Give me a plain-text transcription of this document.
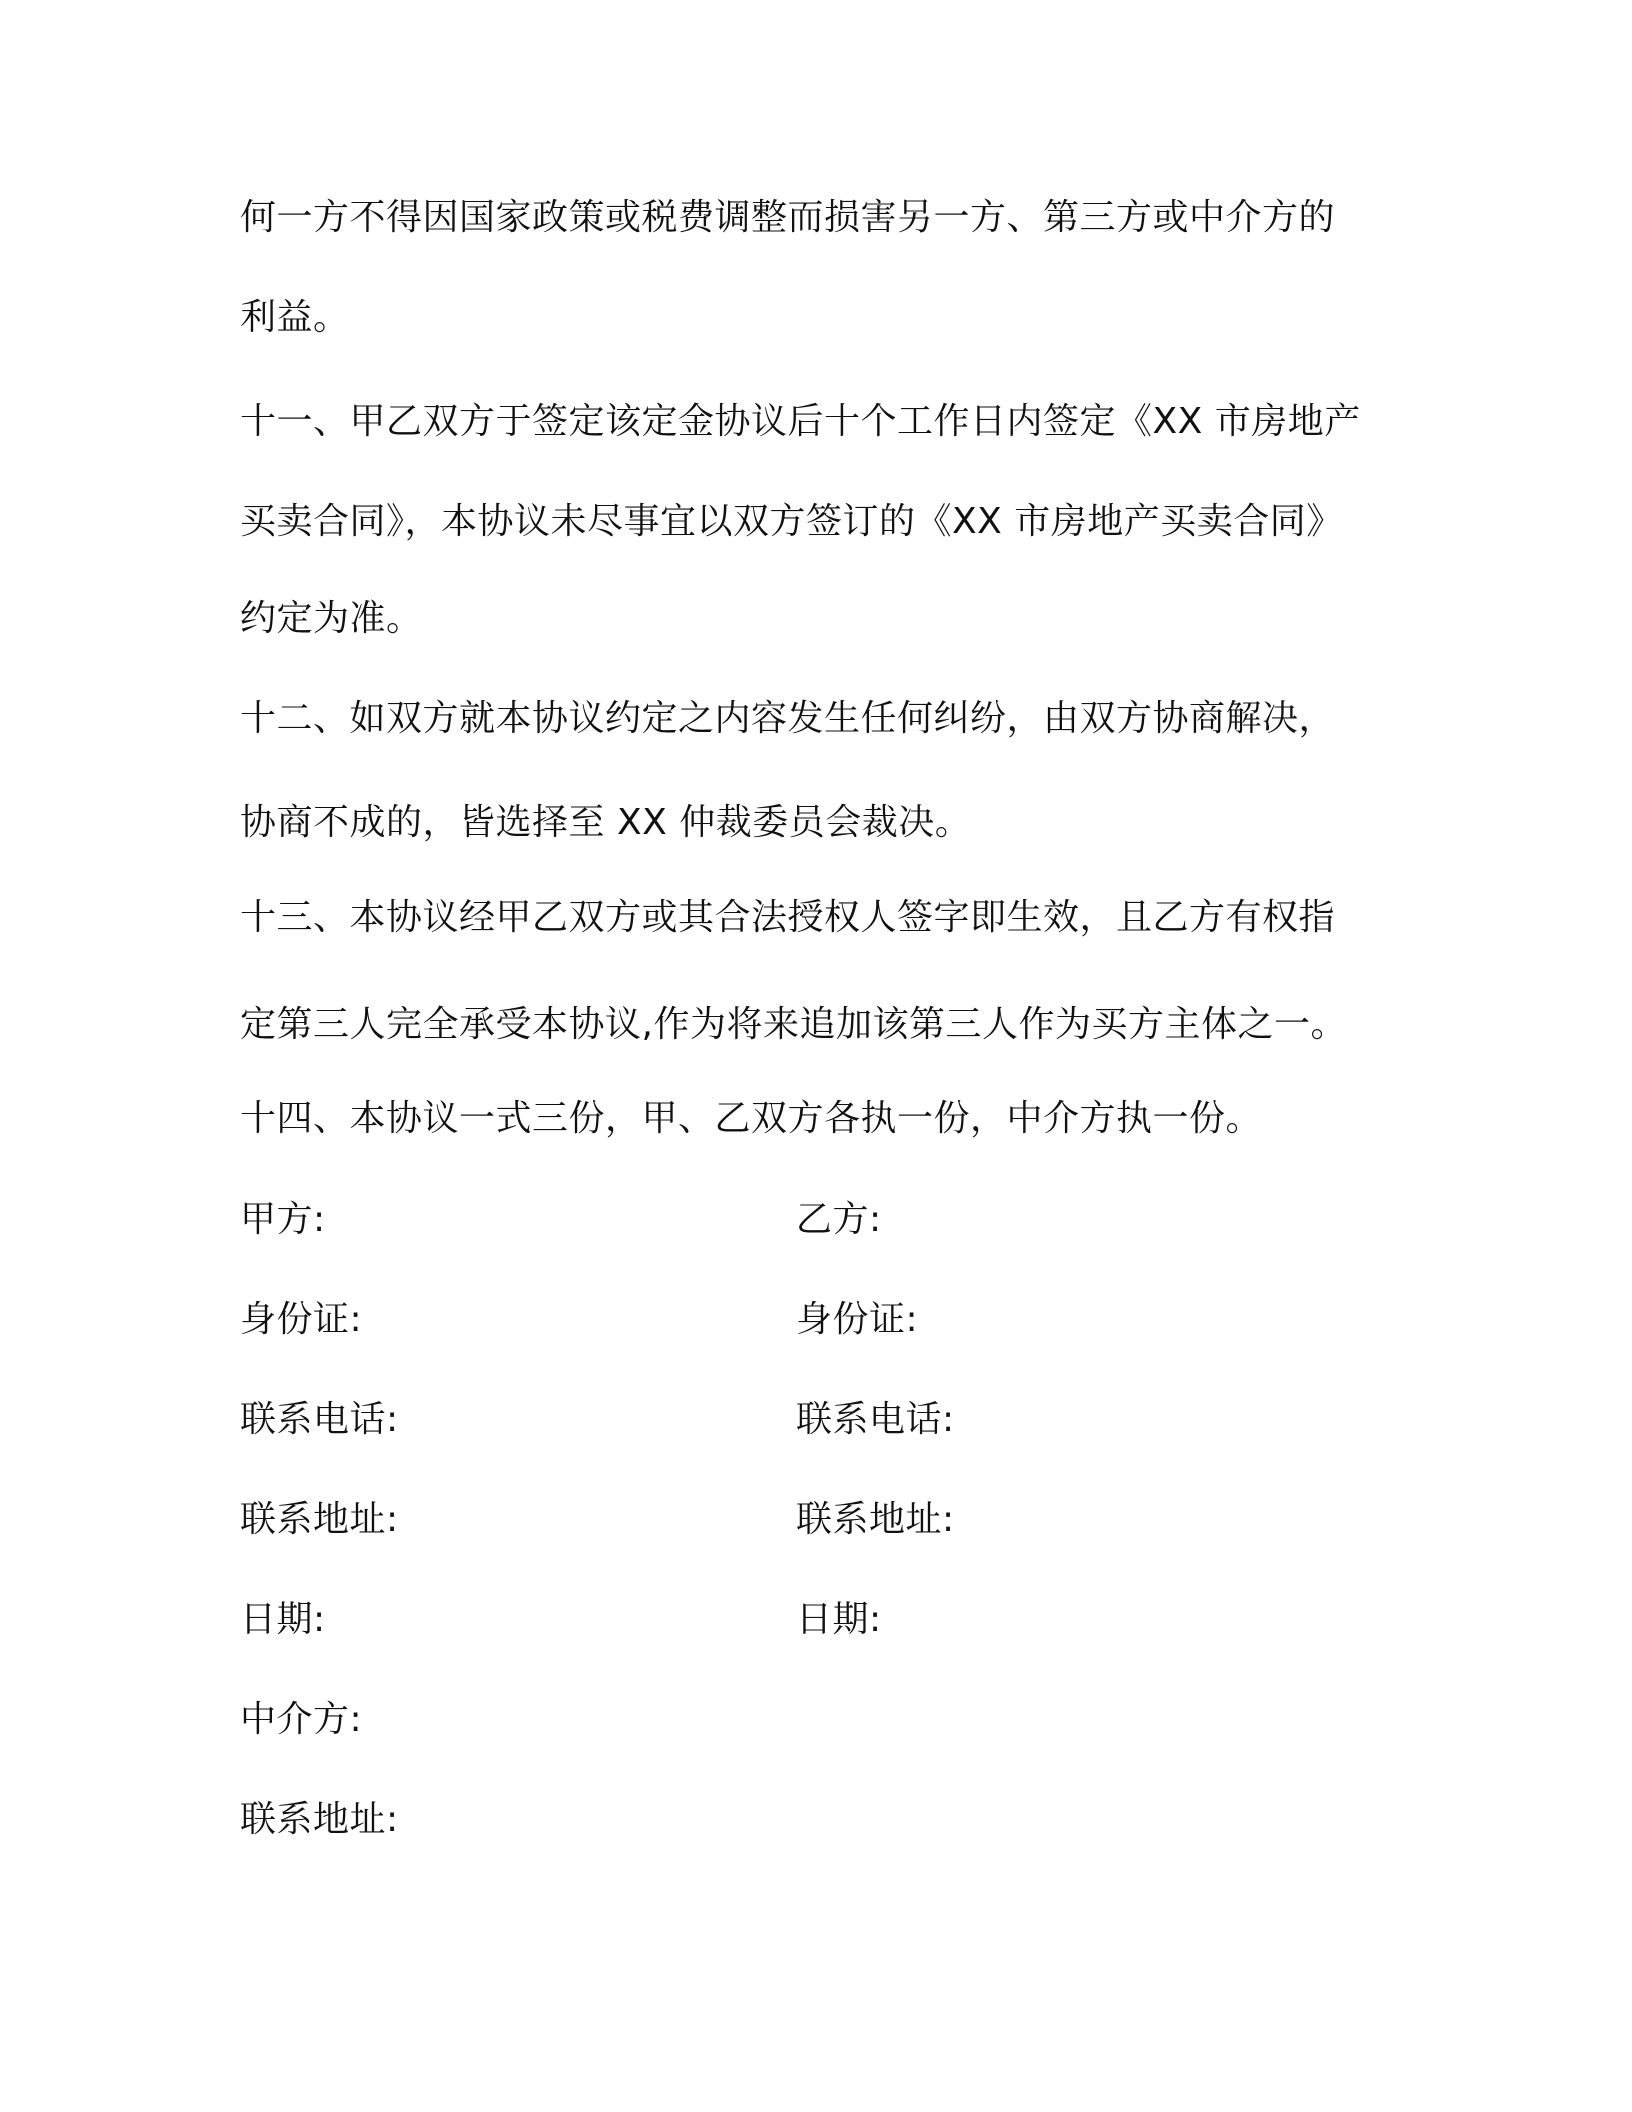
何一方不得因国家政策或税费调整而损害另一方、第三方或中介方的
利益。
十一、甲乙双方于签定该定金协议后十个工作日内签定《XX 市房地产
买卖合同》，本协议未尽事宜以双方签订的《XX 市房地产买卖合同》
约定为准。
十二、如双方就本协议约定之内容发生任何纠纷，由双方协商解决，
协商不成的，皆选择至 XX 仲裁委员会裁决。
十三、本协议经甲乙双方或其合法授权人签字即生效，且乙方有权指
定第三人完全承受本协议,作为将来追加该第三人作为买方主体之一。
十四、本协议一式三份，甲、乙双方各执一份，中介方执一份。
甲方:	乙方:
身份证:	身份证:
联系电话:	联系电话:
联系地址:	联系地址:
日期:	日期:
中介方:
联系地址:
